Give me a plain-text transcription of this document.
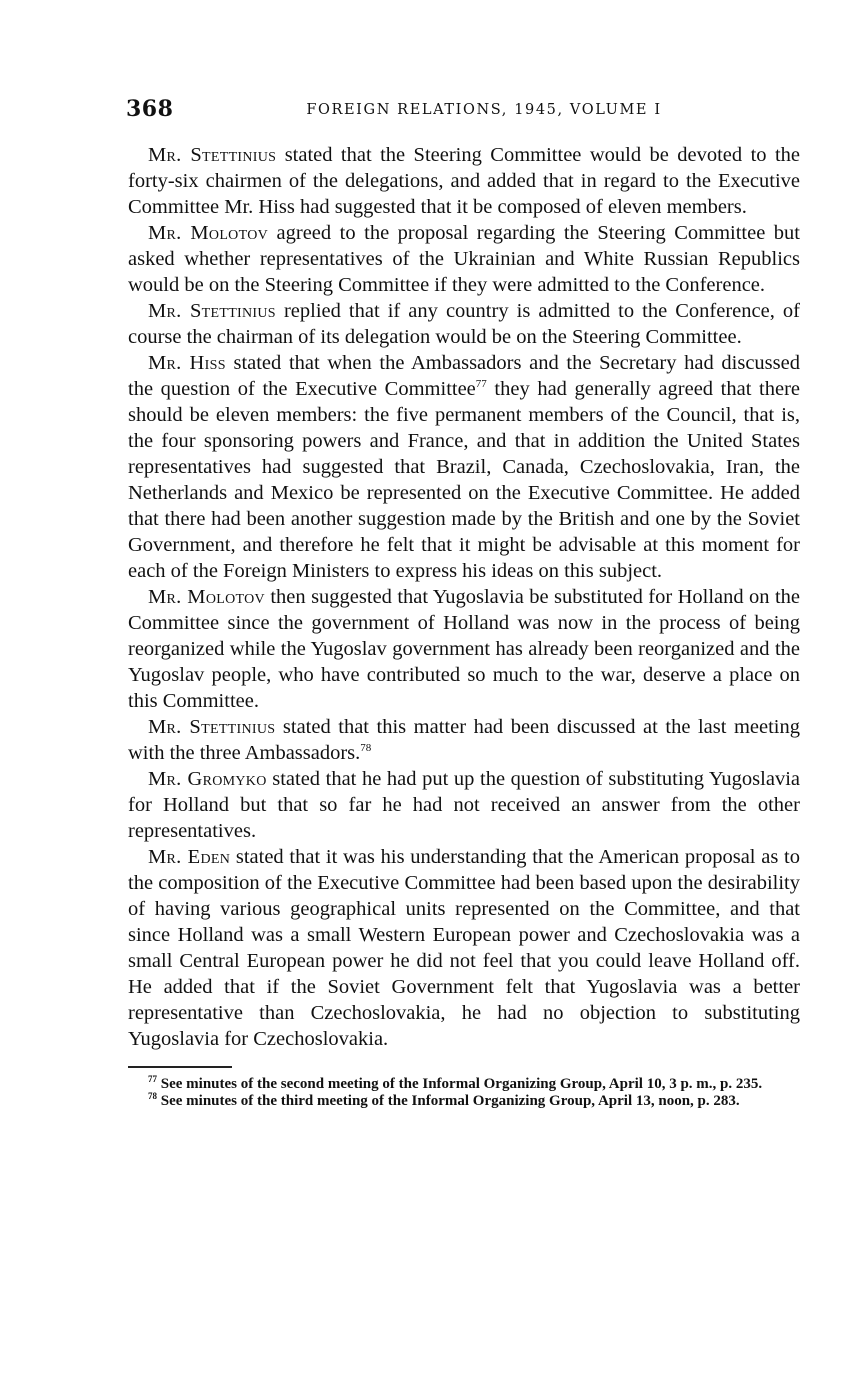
368	FOREIGN RELATIONS, 1945, VOLUME I

Mr. Stettinius stated that the Steering Committee would be devoted to the forty-six chairmen of the delegations, and added that in regard to the Executive Committee Mr. Hiss had suggested that it be composed of eleven members.

Mr. Molotov agreed to the proposal regarding the Steering Committee but asked whether representatives of the Ukrainian and White Russian Republics would be on the Steering Committee if they were admitted to the Conference.

Mr. Stettinius replied that if any country is admitted to the Conference, of course the chairman of its delegation would be on the Steering Committee.

Mr. Hiss stated that when the Ambassadors and the Secretary had discussed the question of the Executive Committee$^{77}$ they had generally agreed that there should be eleven members: the five permanent members of the Council, that is, the four sponsoring powers and France, and that in addition the United States representatives had suggested that Brazil, Canada, Czechoslovakia, Iran, the Netherlands and Mexico be represented on the Executive Committee. He added that there had been another suggestion made by the British and one by the Soviet Government, and therefore he felt that it might be advisable at this moment for each of the Foreign Ministers to express his ideas on this subject.

Mr. Molotov then suggested that Yugoslavia be substituted for Holland on the Committee since the government of Holland was now in the process of being reorganized while the Yugoslav government has already been reorganized and the Yugoslav people, who have contributed so much to the war, deserve a place on this Committee.

Mr. Stettinius stated that this matter had been discussed at the last meeting with the three Ambassadors.$^{78}$

Mr. Gromyko stated that he had put up the question of substituting Yugoslavia for Holland but that so far he had not received an answer from the other representatives.

Mr. Eden stated that it was his understanding that the American proposal as to the composition of the Executive Committee had been based upon the desirability of having various geographical units represented on the Committee, and that since Holland was a small Western European power and Czechoslovakia was a small Central European power he did not feel that you could leave Holland off. He added that if the Soviet Government felt that Yugoslavia was a better representative than Czechoslovakia, he had no objection to substituting Yugoslavia for Czechoslovakia.

$^{77}$ See minutes of the second meeting of the Informal Organizing Group, April 10, 3 p. m., p. 235.

$^{78}$ See minutes of the third meeting of the Informal Organizing Group, April 13, noon, p. 283.
